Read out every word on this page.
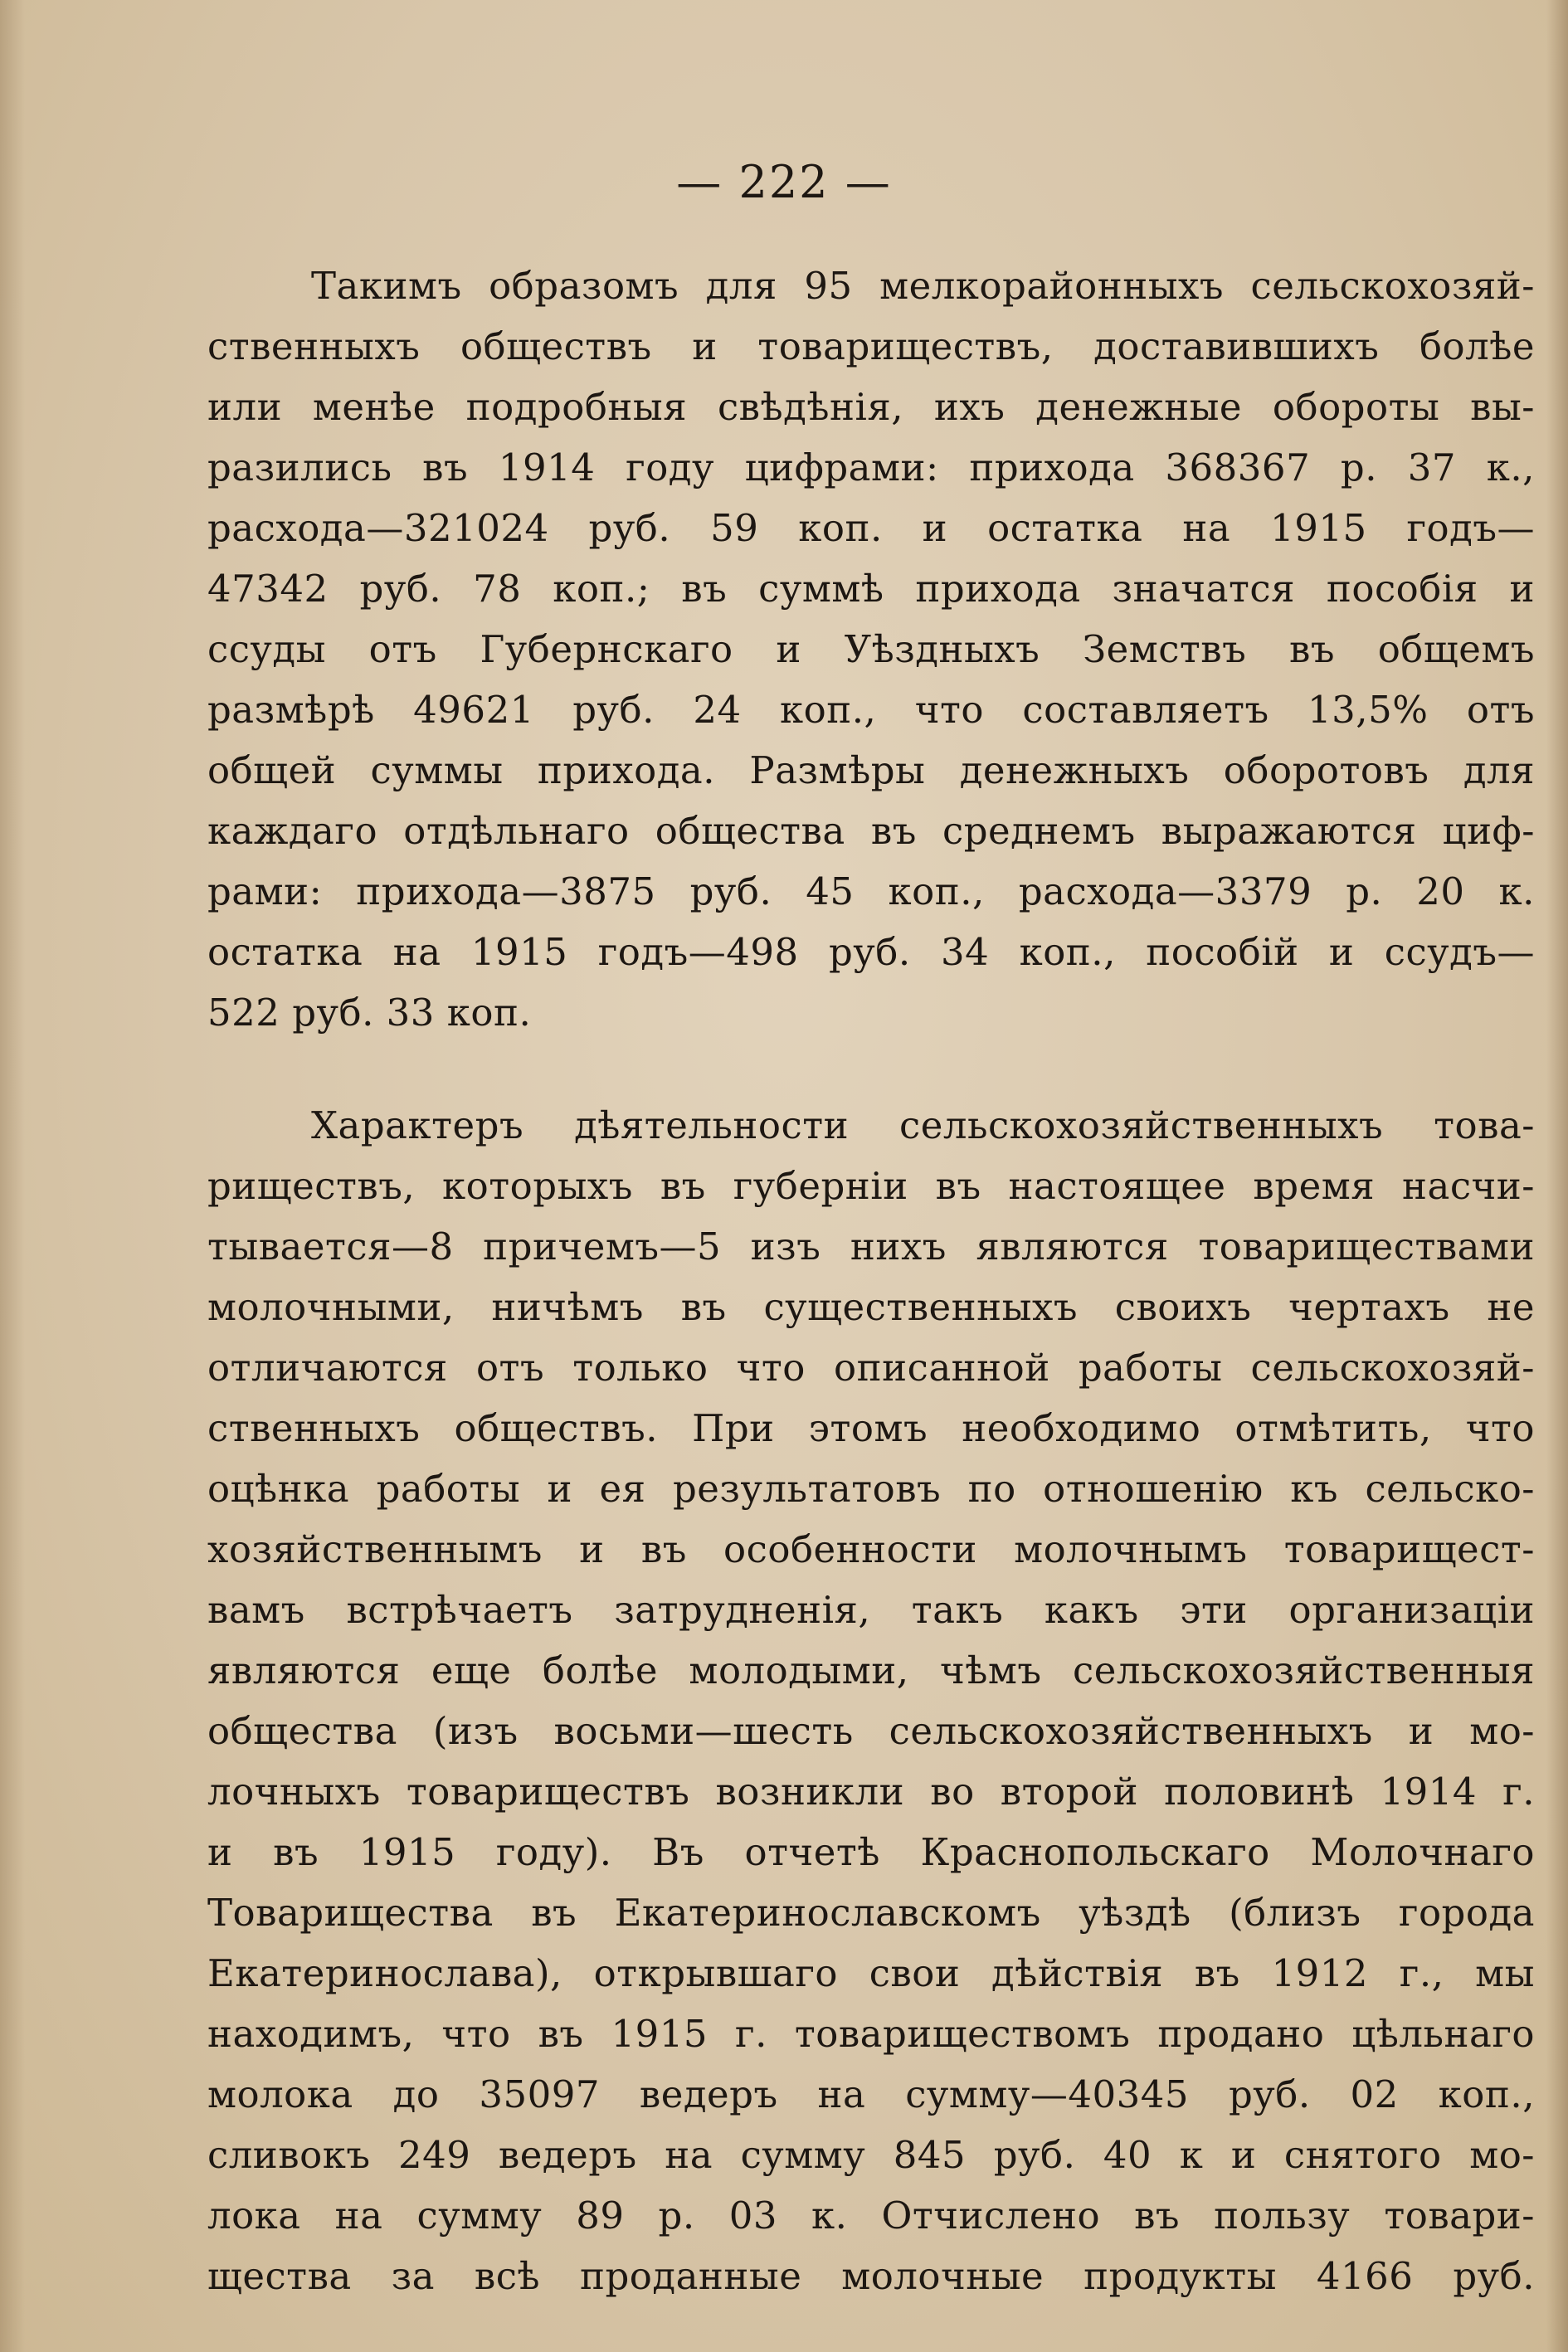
— 222 —
Такимъ образомъ для 95 мелкорайонныхъ сельскохозяй-
ственныхъ обществъ и товариществъ, доставившихъ болѣе
или менѣе подробныя свѣдѣнія, ихъ денежные обороты вы-
разились въ 1914 году цифрами: прихода 368367 р. 37 к.,
расхода—321024 руб. 59 коп. и остатка на 1915 годъ—
47342 руб. 78 коп.; въ суммѣ прихода значатся пособія и
ссуды отъ Губернскаго и Уѣздныхъ Земствъ въ общемъ
размѣрѣ 49621 руб. 24 коп., что составляетъ 13,5% отъ
общей суммы прихода. Размѣры денежныхъ оборотовъ для
каждаго отдѣльнаго общества въ среднемъ выражаются циф-
рами: прихода—3875 руб. 45 коп., расхода—3379 р. 20 к.
остатка на 1915 годъ—498 руб. 34 коп., пособій и ссудъ—
522 руб. 33 коп.
Характеръ дѣятельности сельскохозяйственныхъ това-
риществъ, которыхъ въ губерніи въ настоящее время насчи-
тывается—8 причемъ—5 изъ нихъ являются товариществами
молочными, ничѣмъ въ существенныхъ своихъ чертахъ не
отличаются отъ только что описанной работы сельскохозяй-
ственныхъ обществъ. При этомъ необходимо отмѣтить, что
оцѣнка работы и ея результатовъ по отношенію къ сельско-
хозяйственнымъ и въ особенности молочнымъ товарищест-
вамъ встрѣчаетъ затрудненія, такъ какъ эти организаціи
являются еще болѣе молодыми, чѣмъ сельскохозяйственныя
общества (изъ восьми—шесть сельскохозяйственныхъ и мо-
лочныхъ товариществъ возникли во второй половинѣ 1914 г.
и въ 1915 году). Въ отчетѣ Краснопольскаго Молочнаго
Товарищества въ Екатеринославскомъ уѣздѣ (близъ города
Екатеринослава), открывшаго свои дѣйствія въ 1912 г., мы
находимъ, что въ 1915 г. товариществомъ продано цѣльнаго
молока до 35097 ведеръ на сумму—40345 руб. 02 коп.,
сливокъ 249 ведеръ на сумму 845 руб. 40 к и снятого мо-
лока на сумму 89 р. 03 к. Отчислено въ пользу товари-
щества за всѣ проданные молочные продукты 4166 руб.
